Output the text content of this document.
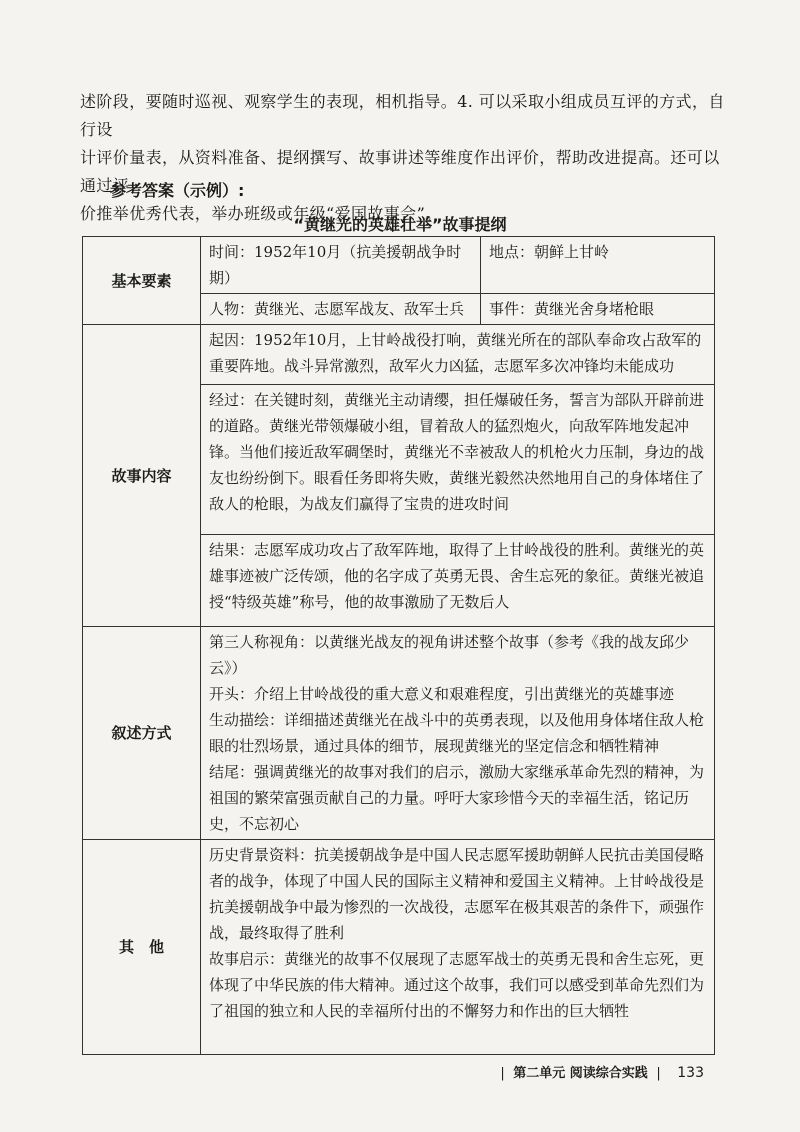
述阶段，要随时巡视、观察学生的表现，相机指导。4. 可以采取小组成员互评的方式，自行设

计评价量表，从资料准备、提纲撰写、故事讲述等维度作出评价，帮助改进提高。还可以通过评

价推举优秀代表，举办班级或年级“爱国故事会”。

参考答案（示例）:
“黄继光的英雄壮举”故事提纲
基本要素	时间：1952年10月（抗美援朝战争时期）	地点：朝鲜上甘岭
	人物：黄继光、志愿军战友、敌军士兵	事件：黄继光舍身堵枪眼
故事内容	起因：1952年10月，上甘岭战役打响，黄继光所在的部队奉命攻占敌军的重要阵地。战斗异常激烈，敌军火力凶猛，志愿军多次冲锋均未能成功	

	经过：在关键时刻，黄继光主动请缨，担任爆破任务，誓言为部队开辟前进的道路。黄继光带领爆破小组，冒着敌人的猛烈炮火，向敌军阵地发起冲锋。当他们接近敌军碉堡时，黄继光不幸被敌人的机枪火力压制，身边的战友也纷纷倒下。眼看任务即将失败，黄继光毅然决然地用自己的身体堵住了敌人的枪眼，为战友们赢得了宝贵的进攻时间	

	结果：志愿军成功攻占了敌军阵地，取得了上甘岭战役的胜利。黄继光的英雄事迹被广泛传颂，他的名字成了英勇无畏、舍生忘死的象征。黄继光被追授“特级英雄”称号，他的故事激励了无数后人	

叙述方式	第三人称视角：以黄继光战友的视角讲述整个故事（参考《我的战友邱少云》）

开头：介绍上甘岭战役的重大意义和艰难程度，引出黄继光的英雄事迹

生动描绘：详细描述黄继光在战斗中的英勇表现，以及他用身体堵住敌人枪眼的壮烈场景，通过具体的细节，展现黄继光的坚定信念和牺牲精神

结尾：强调黄继光的故事对我们的启示，激励大家继承革命先烈的精神，为祖国的繁荣富强贡献自己的力量。呼吁大家珍惜今天的幸福生活，铭记历史，不忘初心	

其　他	历史背景资料：抗美援朝战争是中国人民志愿军援助朝鲜人民抗击美国侵略者的战争，体现了中国人民的国际主义精神和爱国主义精神。上甘岭战役是抗美援朝战争中最为惨烈的一次战役，志愿军在极其艰苦的条件下，顽强作战，最终取得了胜利

故事启示：黄继光的故事不仅展现了志愿军战士的英勇无畏和舍生忘死，更体现了中华民族的伟大精神。通过这个故事，我们可以感受到革命先烈们为了祖国的独立和人民的幸福所付出的不懈努力和作出的巨大牺牲	

| 第二单元 阅读综合实践 | 133
